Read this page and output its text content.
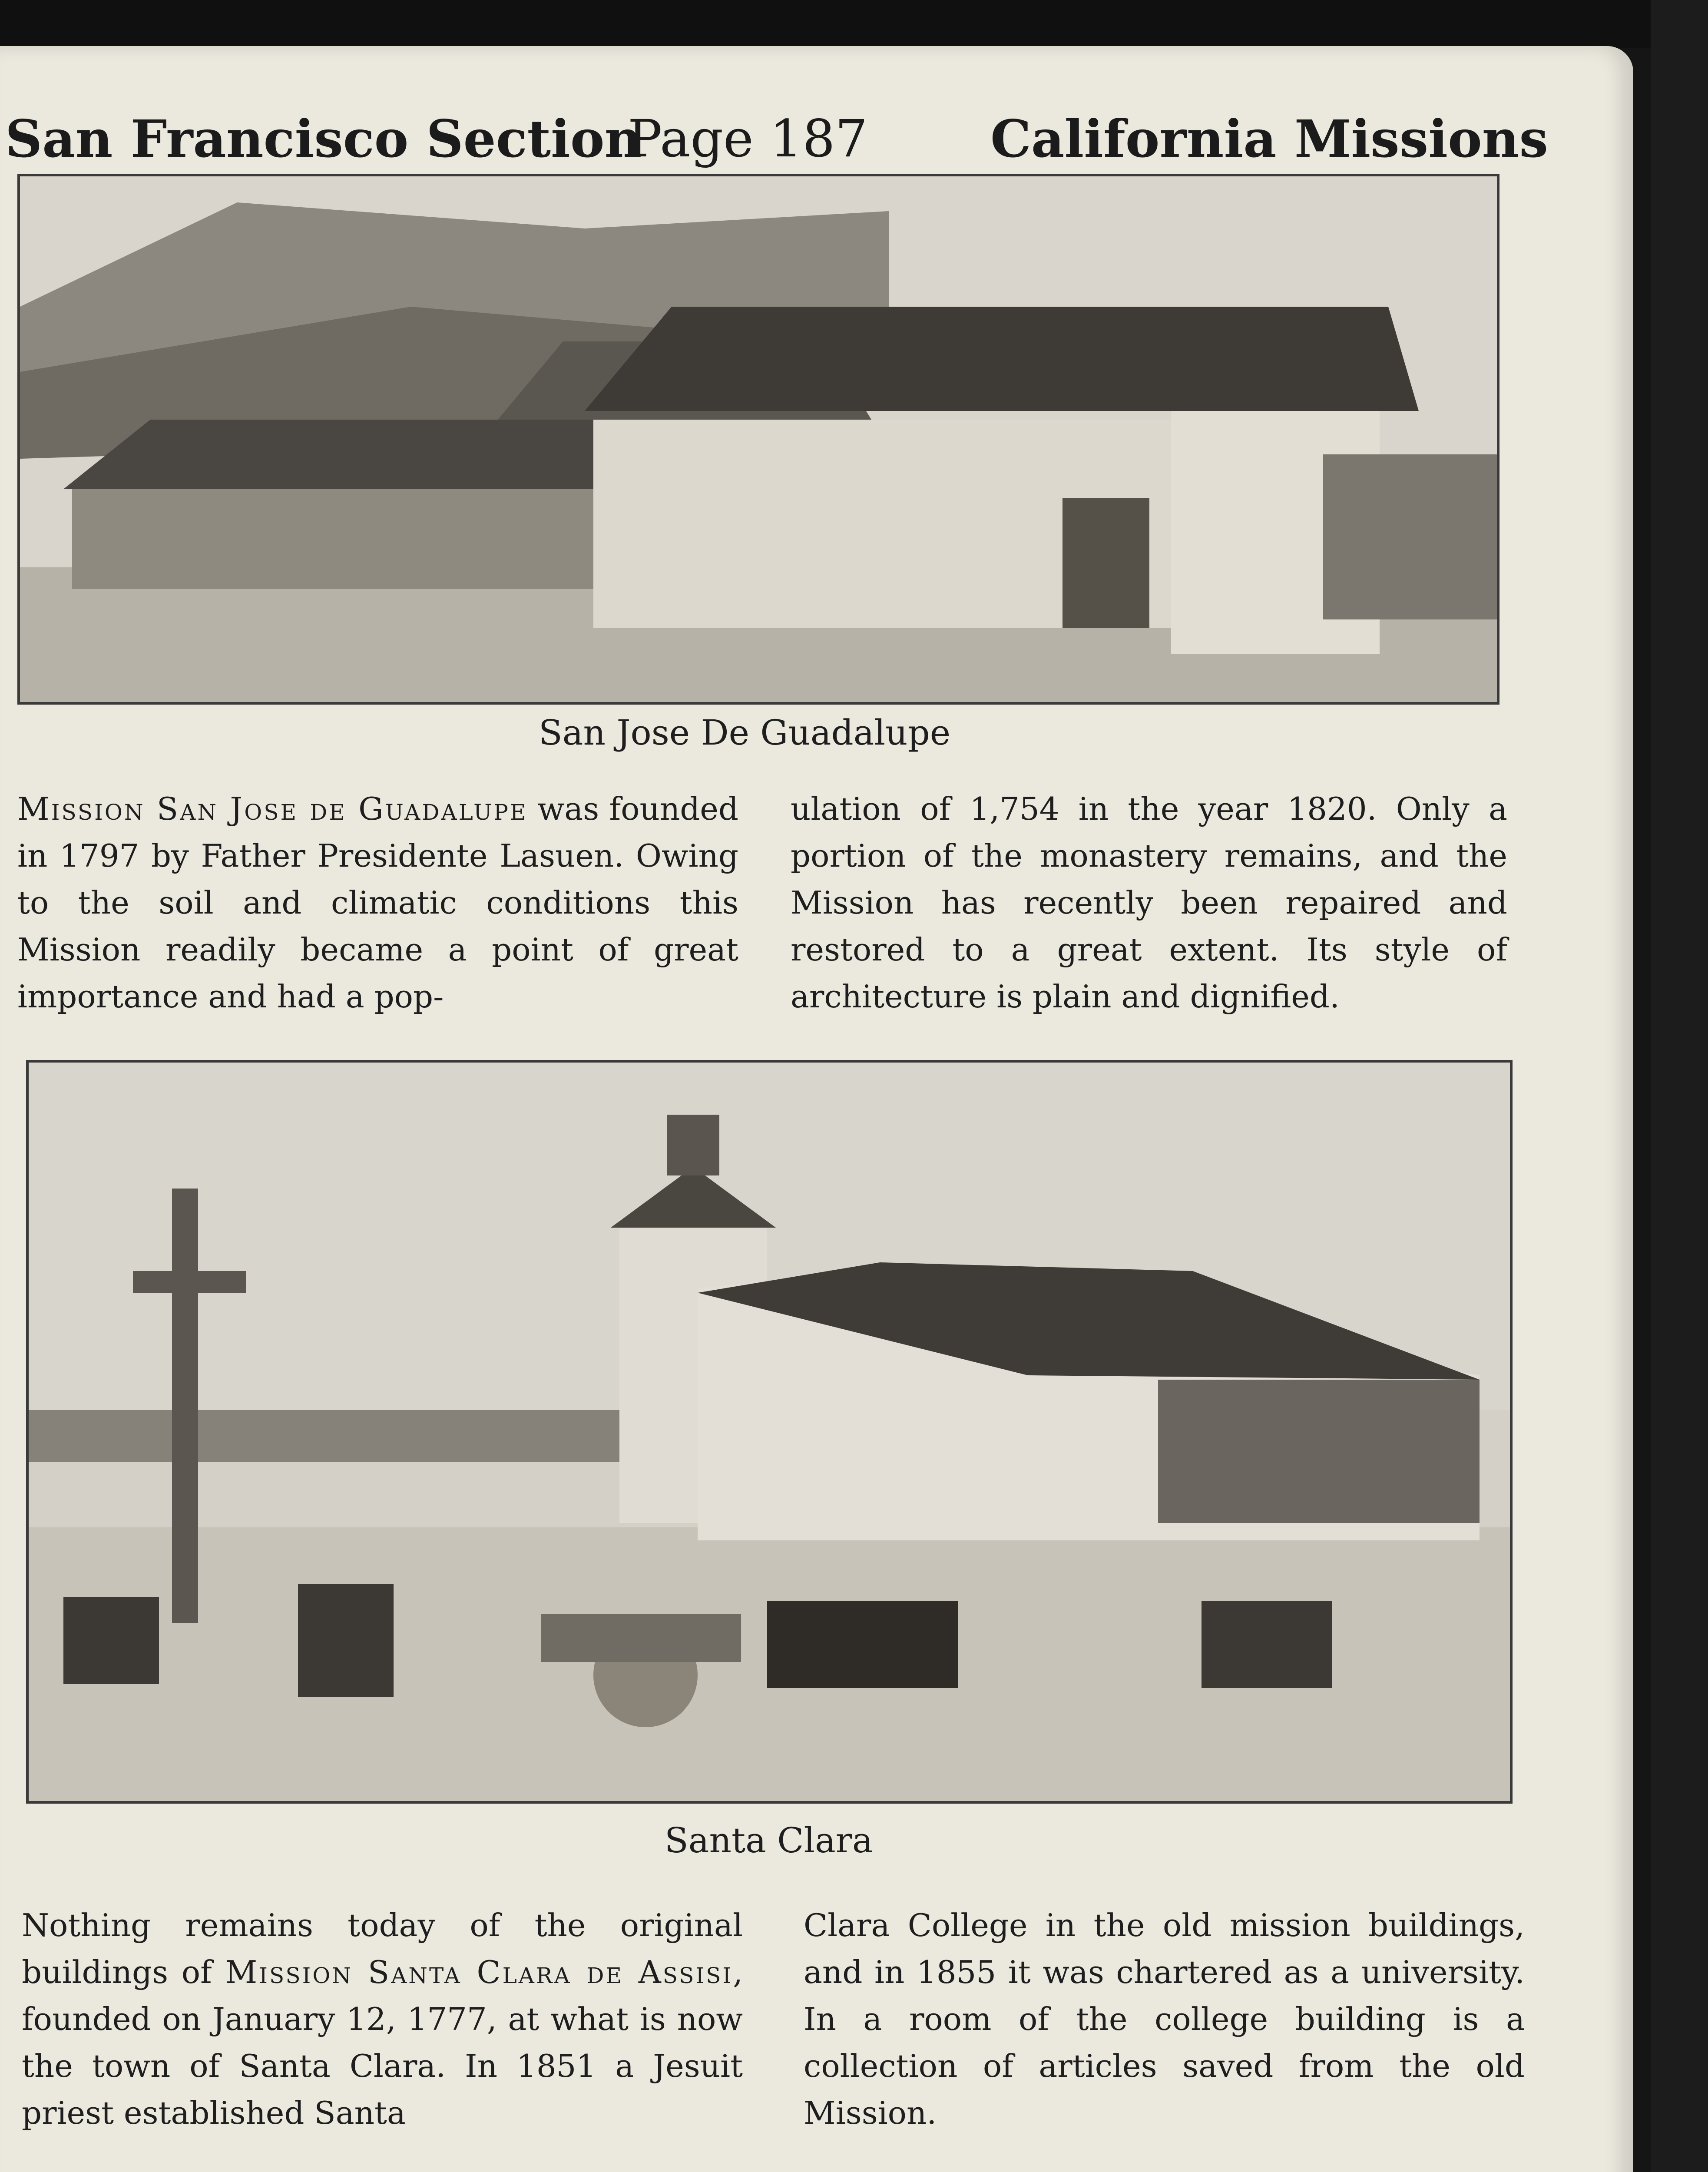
San Francisco Section
Page 187 California Missions
San Jose De Guadalupe
Mission San Jose de Guadalupe was founded in 1797 by Father Presidente Lasuen. Owing to the soil and climatic conditions this Mission readily became a point of great importance and had a pop-
ulation of 1,754 in the year 1820. Only a portion of the monastery remains, and the Mission has recently been repaired and restored to a great extent. Its style of architecture is plain and dignified.
Santa Clara
Nothing remains today of the original buildings of Mission Santa Clara de Assisi, founded on January 12, 1777, at what is now the town of Santa Clara. In 1851 a Jesuit priest established Santa
Clara College in the old mission buildings, and in 1855 it was chartered as a university. In a room of the college building is a collection of articles saved from the old Mission.
